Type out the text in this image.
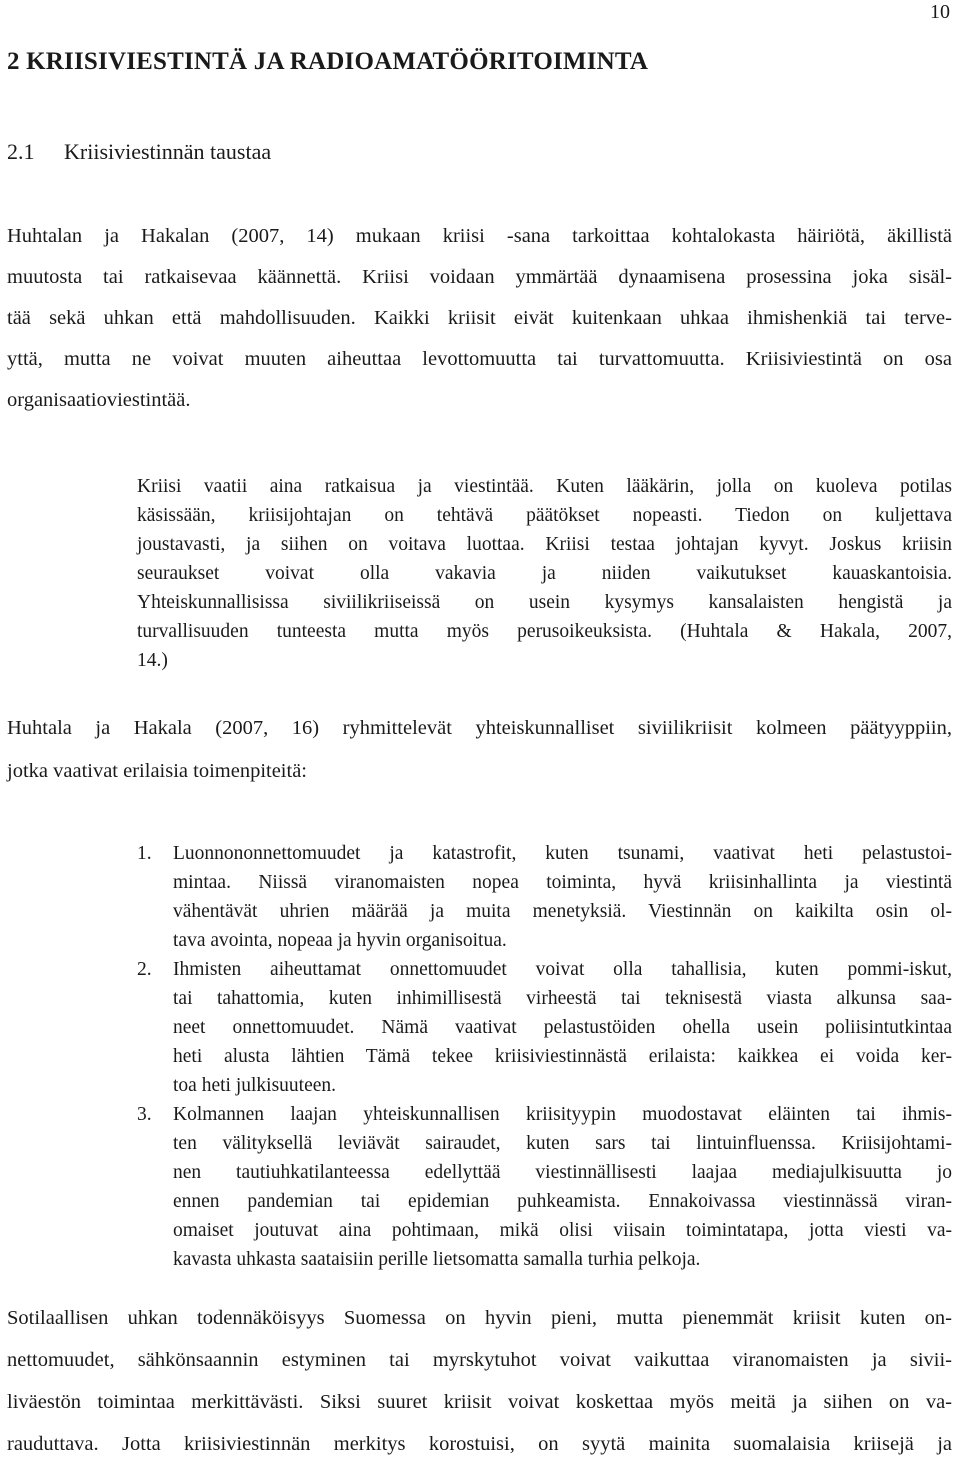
10
2 KRIISIVIESTINTÄ JA RADIOAMATÖÖRITOIMINTA
2.1 Kriisiviestinnän taustaa
Huhtalan ja Hakalan (2007, 14) mukaan kriisi -sana tarkoittaa kohtalokasta häiriötä, äkillistä
muutosta tai ratkaisevaa käännettä. Kriisi voidaan ymmärtää dynaamisena prosessina joka sisäl-
tää sekä uhkan että mahdollisuuden. Kaikki kriisit eivät kuitenkaan uhkaa ihmishenkiä tai terve-
yttä, mutta ne voivat muuten aiheuttaa levottomuutta tai turvattomuutta. Kriisiviestintä on osa
organisaatioviestintää.
Kriisi vaatii aina ratkaisua ja viestintää. Kuten lääkärin, jolla on kuoleva potilas
käsissään, kriisijohtajan on tehtävä päätökset nopeasti. Tiedon on kuljettava
joustavasti, ja siihen on voitava luottaa. Kriisi testaa johtajan kyvyt. Joskus kriisin
seuraukset voivat olla vakavia ja niiden vaikutukset kauaskantoisia.
Yhteiskunnallisissa siviilikriiseissä on usein kysymys kansalaisten hengistä ja
turvallisuuden tunteesta mutta myös perusoikeuksista. (Huhtala & Hakala, 2007,
14.)
Huhtala ja Hakala (2007, 16) ryhmittelevät yhteiskunnalliset siviilikriisit kolmeen päätyyppiin,
jotka vaativat erilaisia toimenpiteitä:
1. Luonnononnettomuudet ja katastrofit, kuten tsunami, vaativat heti pelastustoi-
mintaa. Niissä viranomaisten nopea toiminta, hyvä kriisinhallinta ja viestintä
vähentävät uhrien määrää ja muita menetyksiä. Viestinnän on kaikilta osin ol-
tava avointa, nopeaa ja hyvin organisoitua.
2. Ihmisten aiheuttamat onnettomuudet voivat olla tahallisia, kuten pommi-iskut,
tai tahattomia, kuten inhimillisestä virheestä tai teknisestä viasta alkunsa saa-
neet onnettomuudet. Nämä vaativat pelastustöiden ohella usein poliisintutkintaa
heti alusta lähtien Tämä tekee kriisiviestinnästä erilaista: kaikkea ei voida ker-
toa heti julkisuuteen.
3. Kolmannen laajan yhteiskunnallisen kriisityypin muodostavat eläinten tai ihmis-
ten välityksellä leviävät sairaudet, kuten sars tai lintuinfluenssa. Kriisijohtami-
nen tautiuhkatilanteessa edellyttää viestinnällisesti laajaa mediajulkisuutta jo
ennen pandemian tai epidemian puhkeamista. Ennakoivassa viestinnässä viran-
omaiset joutuvat aina pohtimaan, mikä olisi viisain toimintatapa, jotta viesti va-
kavasta uhkasta saataisiin perille lietsomatta samalla turhia pelkoja.
Sotilaallisen uhkan todennäköisyys Suomessa on hyvin pieni, mutta pienemmät kriisit kuten on-
nettomuudet, sähkönsaannin estyminen tai myrskytuhot voivat vaikuttaa viranomaisten ja sivii-
liväestön toimintaa merkittävästi. Siksi suuret kriisit voivat koskettaa myös meitä ja siihen on va-
rauduttava. Jotta kriisiviestinnän merkitys korostuisi, on syytä mainita suomalaisia kriisejä ja
